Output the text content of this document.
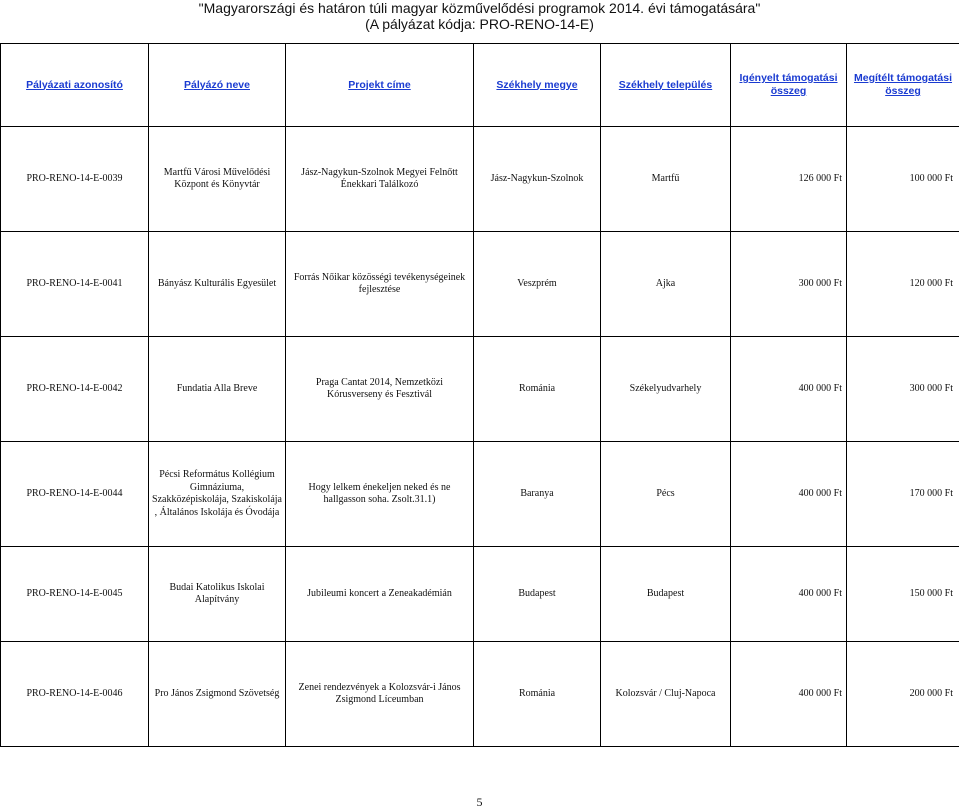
"Magyarországi és határon túli magyar közművelődési programok 2014. évi támogatására"
(A pályázat kódja: PRO-RENO-14-E)
Pályázati azonosító	Pályázó neve	Projekt címe	Székhely megye	Székhely település	Igényelt támogatási összeg	Megítélt támogatási összeg
PRO-RENO-14-E-0039	Martfű Városi Művelődési Központ és Könyvtár	Jász-Nagykun-Szolnok Megyei Felnőtt Énekkari Találkozó	Jász-Nagykun-Szolnok	Martfű	126 000 Ft	100 000 Ft
PRO-RENO-14-E-0041	Bányász Kulturális Egyesület	Forrás Nőikar közösségi tevékenységeinek fejlesztése	Veszprém	Ajka	300 000 Ft	120 000 Ft
PRO-RENO-14-E-0042	Fundatia Alla Breve	Praga Cantat 2014, Nemzetközi Kórusverseny és Fesztivál	Románia	Székelyudvarhely	400 000 Ft	300 000 Ft
PRO-RENO-14-E-0044	Pécsi Református Kollégium Gimnáziuma, Szakközépiskolája, Szakiskolája , Általános Iskolája és Óvodája	Hogy lelkem énekeljen neked és ne hallgasson soha. Zsolt.31.1)	Baranya	Pécs	400 000 Ft	170 000 Ft
PRO-RENO-14-E-0045	Budai Katolikus Iskolai Alapítvány	Jubileumi koncert a Zeneakadémián	Budapest	Budapest	400 000 Ft	150 000 Ft
PRO-RENO-14-E-0046	Pro János Zsigmond Szövetség	Zenei rendezvények a Kolozsvár-i János Zsigmond Líceumban	Románia	Kolozsvár / Cluj-Napoca	400 000 Ft	200 000 Ft
5
